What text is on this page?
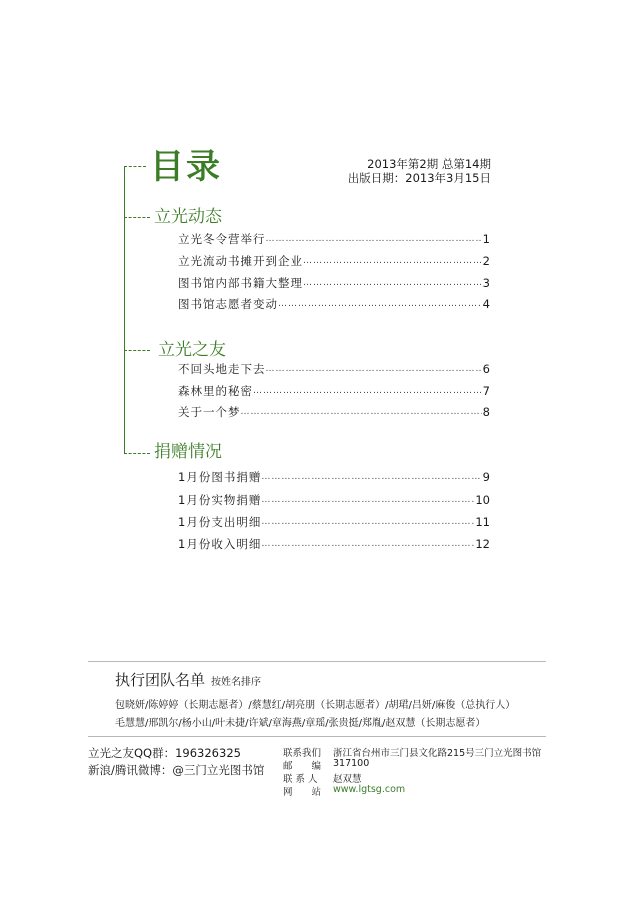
目录	2013年第2期 总第14期
出版日期：2013年3月15日
立光动态
立光冬令营举行 ………………………………………………………………………………………………………………	1
立光流动书摊开到企业 ………………………………………………………………………………………………………………	2
图书馆内部书籍大整理 ………………………………………………………………………………………………………………	3
图书馆志愿者变动 ………………………………………………………………………………………………………………	4
立光之友
不回头地走下去 ………………………………………………………………………………………………………………	6
森林里的秘密 ………………………………………………………………………………………………………………	7
关于一个梦 ………………………………………………………………………………………………………………	8
捐赠情况
1月份图书捐赠 ………………………………………………………………………………………………………………	9
1月份实物捐赠 ………………………………………………………………………………………………………………	10
1月份支出明细 ………………………………………………………………………………………………………………	11
1月份收入明细 ………………………………………………………………………………………………………………	12
执行团队名单 按姓名排序
包晓妍/陈婷婷（长期志愿者）/蔡慧红/胡亮朋（长期志愿者）/胡珺/吕妍/麻俊（总执行人）
毛慧慧/邢凯尔/杨小山/叶未捷/许斌/章海燕/章瑶/张贵挺/郑胤/赵双慧（长期志愿者）
立光之友QQ群：196326325
新浪/腾讯微博：@三门立光图书馆
联系我们 浙江省台州市三门县文化路215号三门立光图书馆
邮　　编 317100
联 系 人 赵双慧
网　　站 www.lgtsg.com
